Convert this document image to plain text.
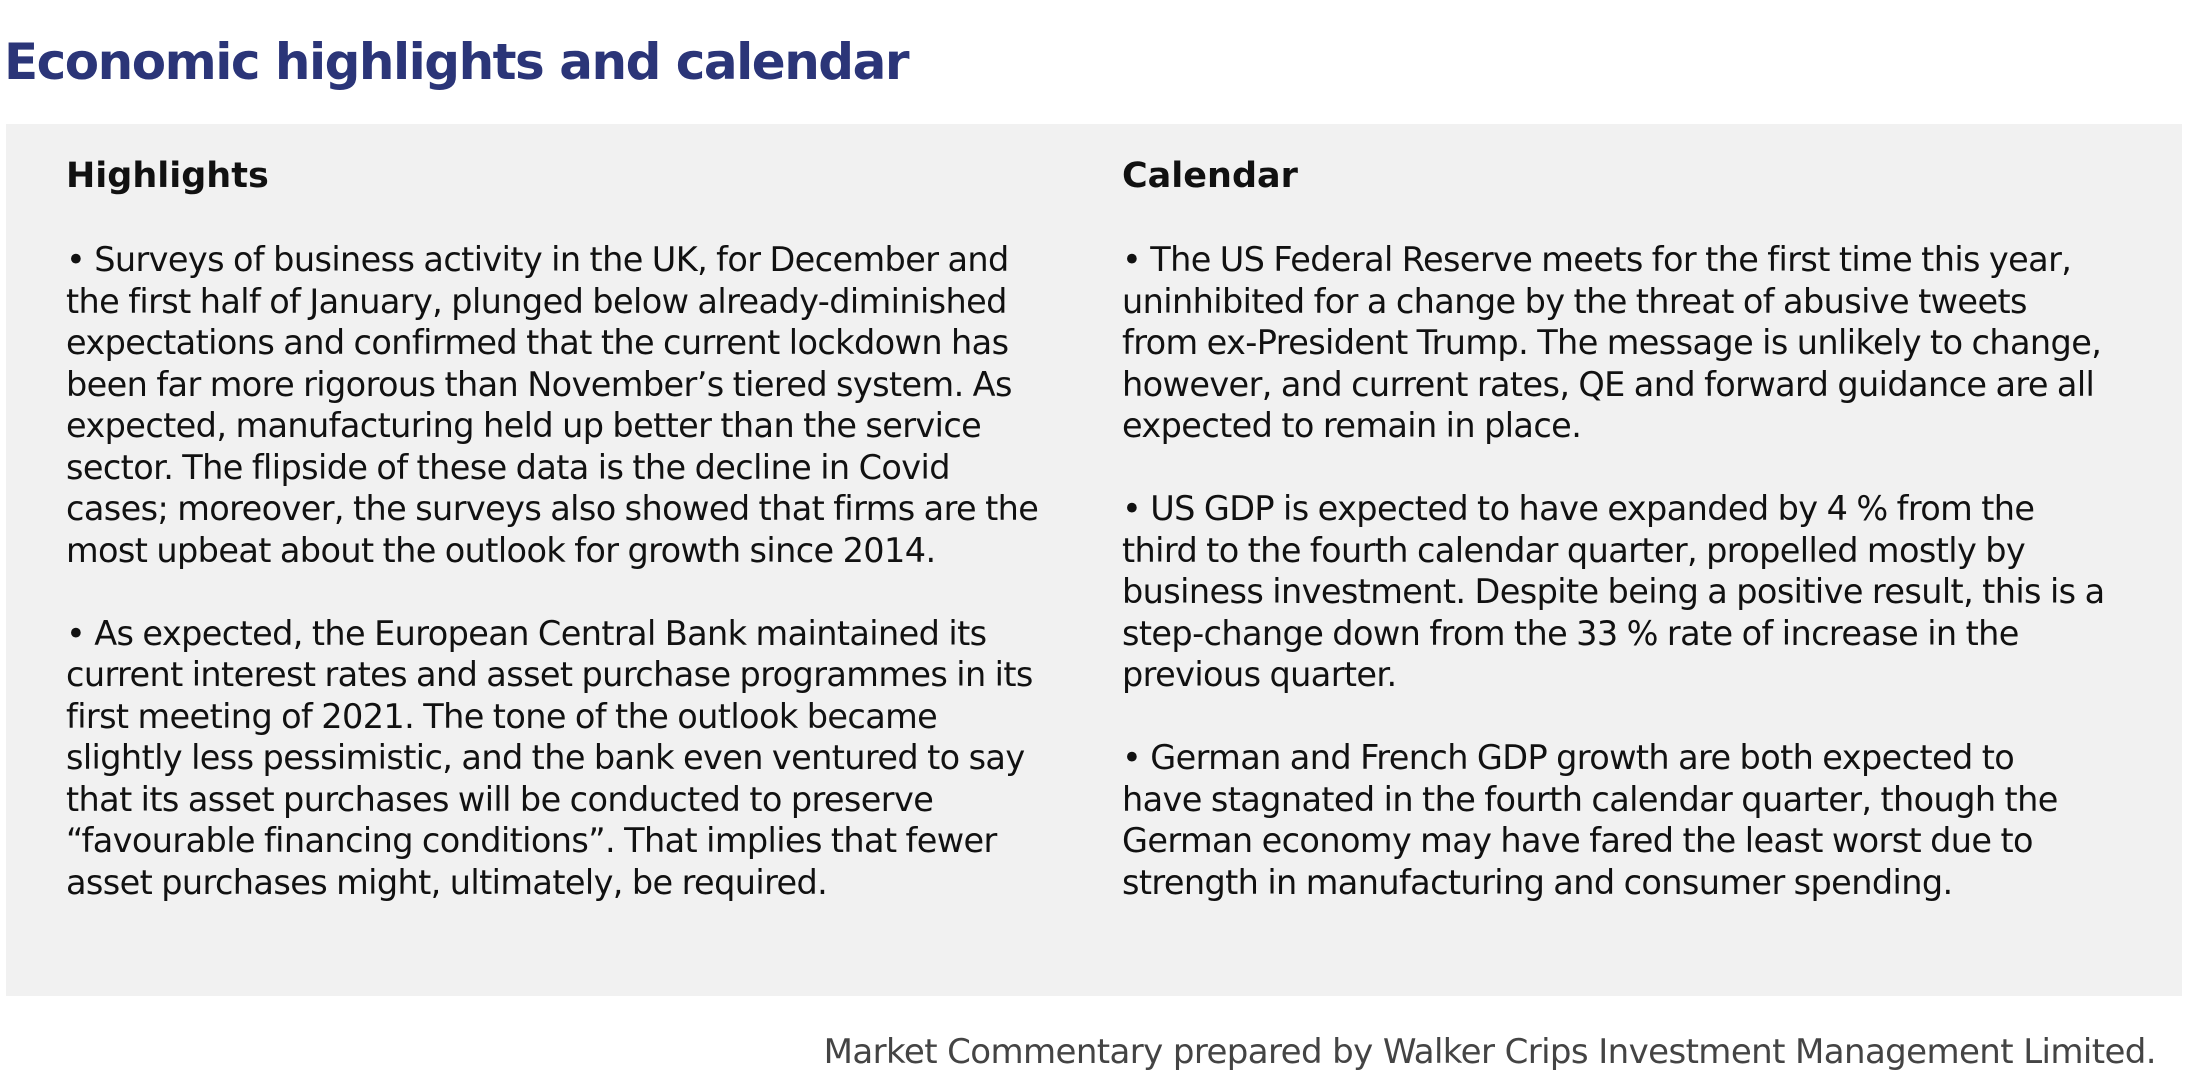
Economic highlights and calendar
Highlights

• Surveys of business activity in the UK, for December and
the first half of January, plunged below already-diminished
expectations and confirmed that the current lockdown has
been far more rigorous than November’s tiered system. As
expected, manufacturing held up better than the service
sector. The flipside of these data is the decline in Covid
cases; moreover, the surveys also showed that firms are the
most upbeat about the outlook for growth since 2014.

• As expected, the European Central Bank maintained its
current interest rates and asset purchase programmes in its
first meeting of 2021. The tone of the outlook became
slightly less pessimistic, and the bank even ventured to say
that its asset purchases will be conducted to preserve
“favourable financing conditions”. That implies that fewer
asset purchases might, ultimately, be required.

Calendar

• The US Federal Reserve meets for the first time this year,
uninhibited for a change by the threat of abusive tweets
from ex-President Trump. The message is unlikely to change,
however, and current rates, QE and forward guidance are all
expected to remain in place.

• US GDP is expected to have expanded by 4 % from the
third to the fourth calendar quarter, propelled mostly by
business investment. Despite being a positive result, this is a
step-change down from the 33 % rate of increase in the
previous quarter.

• German and French GDP growth are both expected to
have stagnated in the fourth calendar quarter, though the
German economy may have fared the least worst due to
strength in manufacturing and consumer spending.

Market Commentary prepared by Walker Crips Investment Management Limited.
